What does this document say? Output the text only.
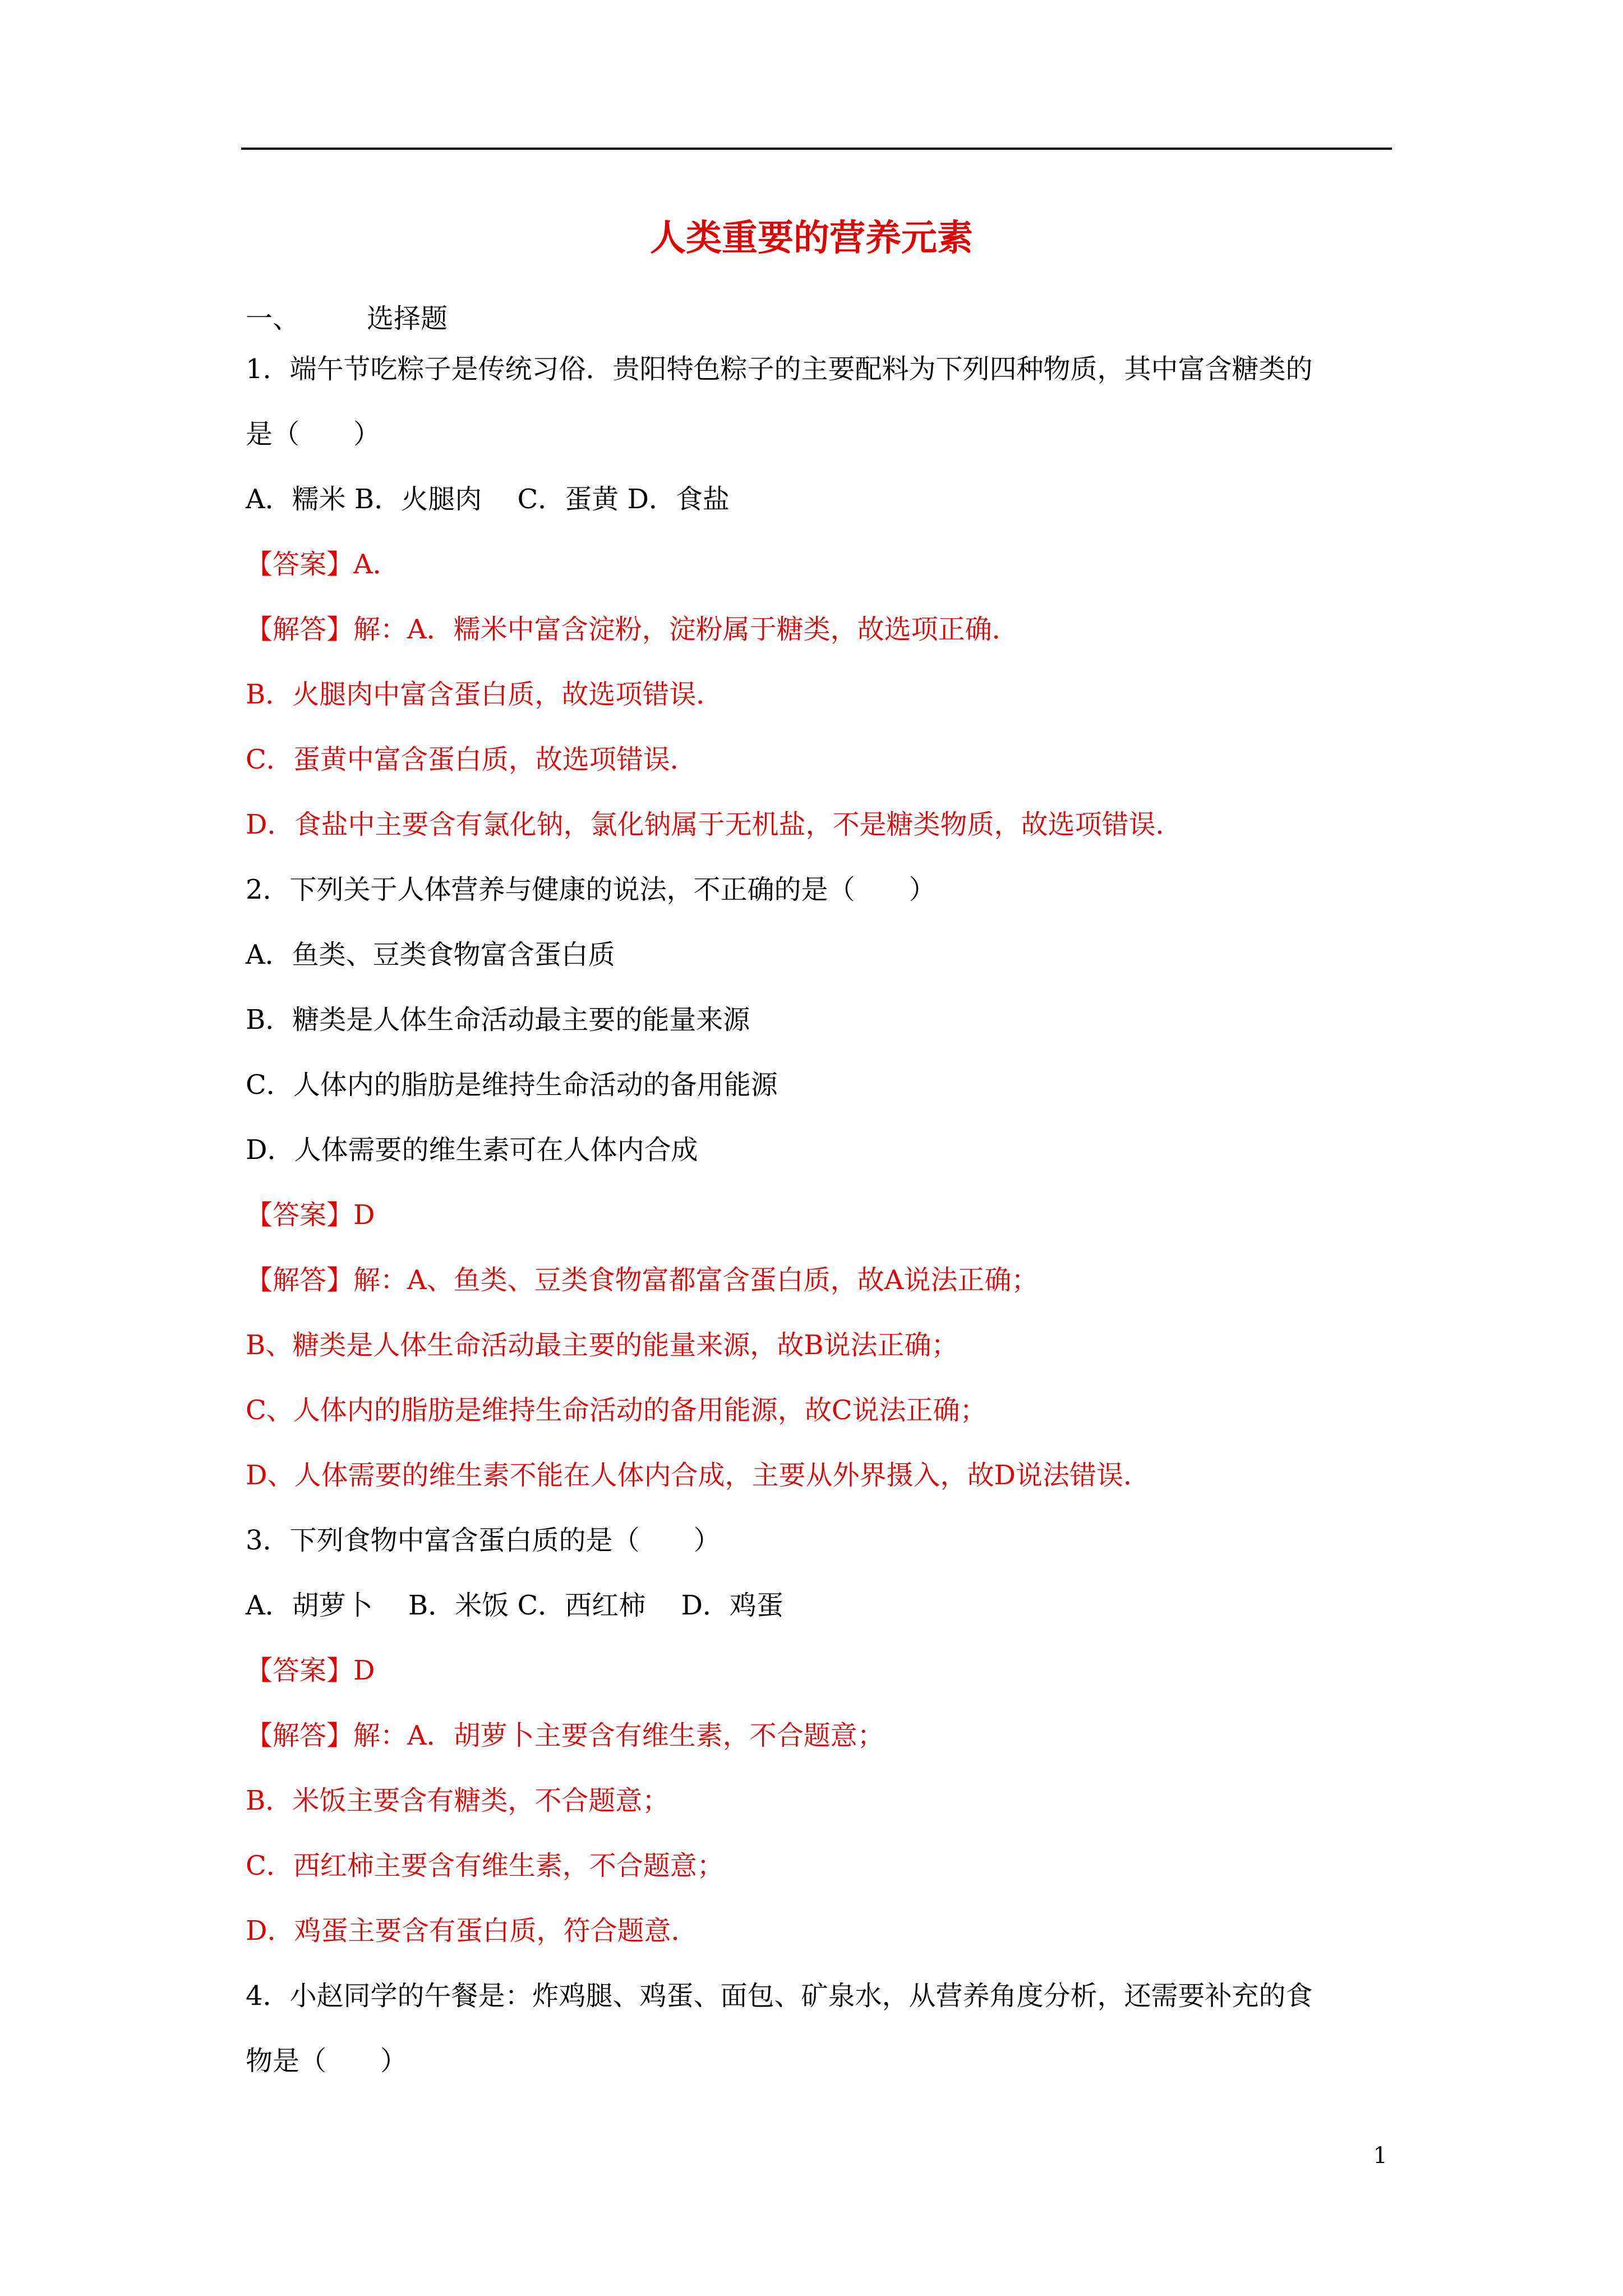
人类重要的营养元素
一、	选择题
1．端午节吃粽子是传统习俗．贵阳特色粽子的主要配料为下列四种物质，其中富含糖类的
是（　　）
A．糯米 B．火腿肉　 C．蛋黄 D．食盐
【答案】A．
【解答】解：A．糯米中富含淀粉，淀粉属于糖类，故选项正确．
B．火腿肉中富含蛋白质，故选项错误．
C．蛋黄中富含蛋白质，故选项错误．
D．食盐中主要含有氯化钠，氯化钠属于无机盐，不是糖类物质，故选项错误．
2．下列关于人体营养与健康的说法，不正确的是（　　）
A．鱼类、豆类食物富含蛋白质
B．糖类是人体生命活动最主要的能量来源
C．人体内的脂肪是维持生命活动的备用能源
D．人体需要的维生素可在人体内合成
【答案】D
【解答】解：A、鱼类、豆类食物富都富含蛋白质，故A说法正确；
B、糖类是人体生命活动最主要的能量来源，故B说法正确；
C、人体内的脂肪是维持生命活动的备用能源，故C说法正确；
D、人体需要的维生素不能在人体内合成，主要从外界摄入，故D说法错误．
3．下列食物中富含蛋白质的是（　　）
A．胡萝卜　 B．米饭 C．西红柿　 D．鸡蛋
【答案】D
【解答】解：A．胡萝卜主要含有维生素，不合题意；
B．米饭主要含有糖类，不合题意；
C．西红柿主要含有维生素，不合题意；
D．鸡蛋主要含有蛋白质，符合题意．
4．小赵同学的午餐是：炸鸡腿、鸡蛋、面包、矿泉水，从营养角度分析，还需要补充的食
物是（　　）
1
